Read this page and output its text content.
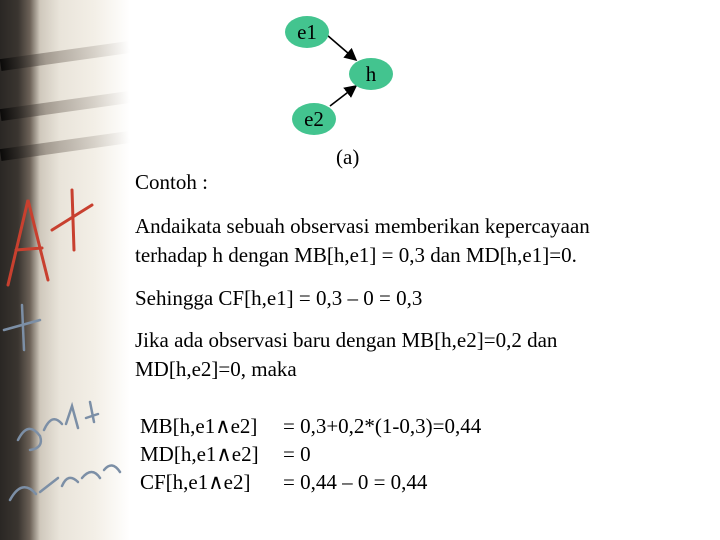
e1
h
e2
(a)
Contoh :
Andaikata sebuah observasi memberikan kepercayaan
terhadap h dengan MB[h,e1] = 0,3 dan MD[h,e1]=0.
Sehingga CF[h,e1] = 0,3 – 0 = 0,3
Jika ada observasi baru dengan MB[h,e2]=0,2 dan
MD[h,e2]=0, maka
MB[h,e1∧e2]	= 0,3+0,2*(1-0,3)=0,44
MD[h,e1∧e2]	= 0
CF[h,e1∧e2]	= 0,44 – 0 = 0,44
